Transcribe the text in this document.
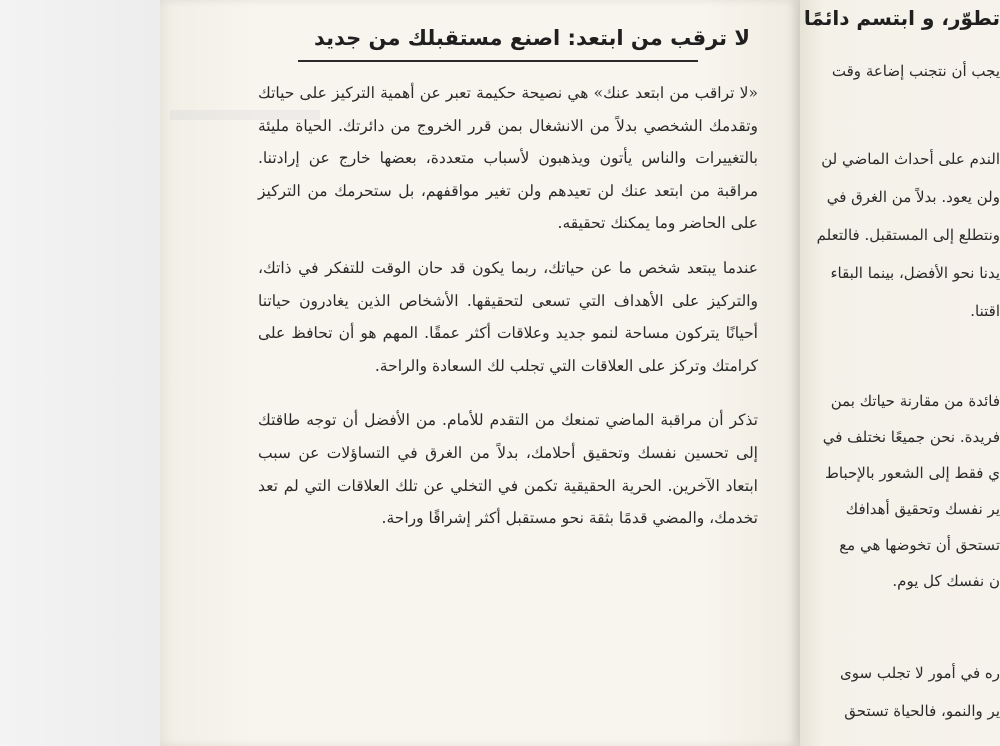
لا ترقب من ابتعد: اصنع مستقبلك من جديد

«لا تراقب من ابتعد عنك» هي نصيحة حكيمة تعبر عن أهمية التركيز على حياتك وتقدمك الشخصي بدلاً من الانشغال بمن قرر الخروج من دائرتك. الحياة مليئة بالتغييرات والناس يأتون ويذهبون لأسباب متعددة، بعضها خارج عن إرادتنا. مراقبة من ابتعد عنك لن تعيدهم ولن تغير مواقفهم، بل ستحرمك من التركيز على الحاضر وما يمكنك تحقيقه.

عندما يبتعد شخص ما عن حياتك، ربما يكون قد حان الوقت للتفكر في ذاتك، والتركيز على الأهداف التي تسعى لتحقيقها. الأشخاص الذين يغادرون حياتنا أحيانًا يتركون مساحة لنمو جديد وعلاقات أكثر عمقًا. المهم هو أن تحافظ على كرامتك وتركز على العلاقات التي تجلب لك السعادة والراحة.

تذكر أن مراقبة الماضي تمنعك من التقدم للأمام. من الأفضل أن توجه طاقتك إلى تحسين نفسك وتحقيق أحلامك، بدلاً من الغرق في التساؤلات عن سبب ابتعاد الآخرين. الحرية الحقيقية تكمن في التخلي عن تلك العلاقات التي لم تعد تخدمك، والمضي قدمًا بثقة نحو مستقبل أكثر إشراقًا وراحة.

تطوّر، و ابتسم دائمًا
يجب أن نتجنب إضاعة وقت
الندم على أحداث الماضي لن
ولن يعود. بدلاً من الغرق في
ونتطلع إلى المستقبل. فالتعلم
يدنا نحو الأفضل، بينما البقاء
اقتنا.
فائدة من مقارنة حياتك بمن
فريدة. نحن جميعًا نختلف في
ي فقط إلى الشعور بالإحباط
ير نفسك وتحقيق أهدافك
تستحق أن تخوضها هي مع
ن نفسك كل يوم.
ره في أمور لا تجلب سوى
ير والنمو، فالحياة تستحق
